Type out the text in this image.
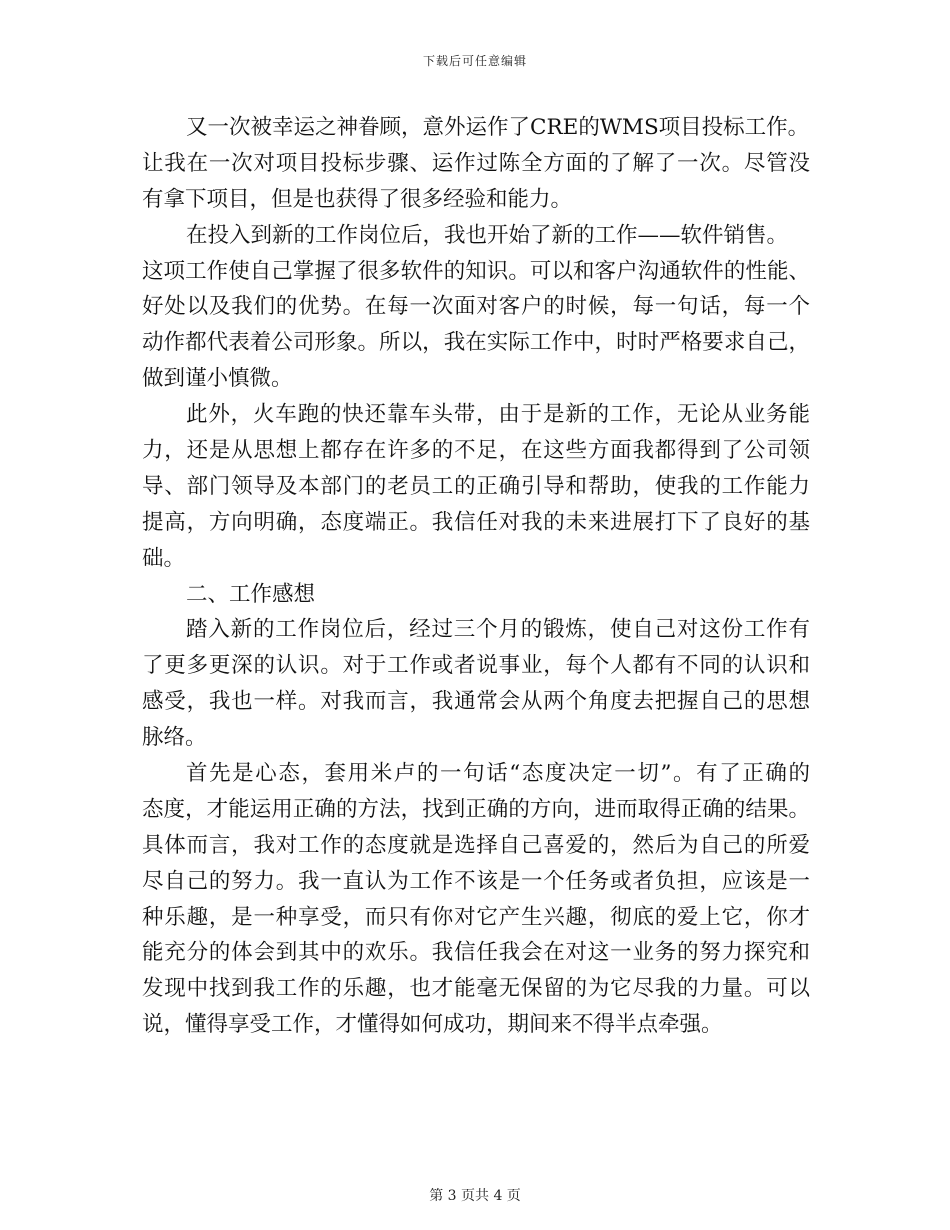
下载后可任意编辑
又一次被幸运之神眷顾，意外运作了CRE的WMS项目投标工作。
让我在一次对项目投标步骤、运作过陈全方面的了解了一次。尽管没
有拿下项目，但是也获得了很多经验和能力。
在投入到新的工作岗位后，我也开始了新的工作——软件销售。
这项工作使自己掌握了很多软件的知识。可以和客户沟通软件的性能、
好处以及我们的优势。在每一次面对客户的时候，每一句话，每一个
动作都代表着公司形象。所以，我在实际工作中，时时严格要求自己，
做到谨小慎微。
此外，火车跑的快还靠车头带，由于是新的工作，无论从业务能
力，还是从思想上都存在许多的不足，在这些方面我都得到了公司领
导、部门领导及本部门的老员工的正确引导和帮助，使我的工作能力
提高，方向明确，态度端正。我信任对我的未来进展打下了良好的基
础。
二、工作感想
踏入新的工作岗位后，经过三个月的锻炼，使自己对这份工作有
了更多更深的认识。对于工作或者说事业，每个人都有不同的认识和
感受，我也一样。对我而言，我通常会从两个角度去把握自己的思想
脉络。
首先是心态，套用米卢的一句话“态度决定一切”。有了正确的
态度，才能运用正确的方法，找到正确的方向，进而取得正确的结果。
具体而言，我对工作的态度就是选择自己喜爱的，然后为自己的所爱
尽自己的努力。我一直认为工作不该是一个任务或者负担，应该是一
种乐趣，是一种享受，而只有你对它产生兴趣，彻底的爱上它，你才
能充分的体会到其中的欢乐。我信任我会在对这一业务的努力探究和
发现中找到我工作的乐趣，也才能毫无保留的为它尽我的力量。可以
说，懂得享受工作，才懂得如何成功，期间来不得半点牵强。
第 3 页共 4 页
